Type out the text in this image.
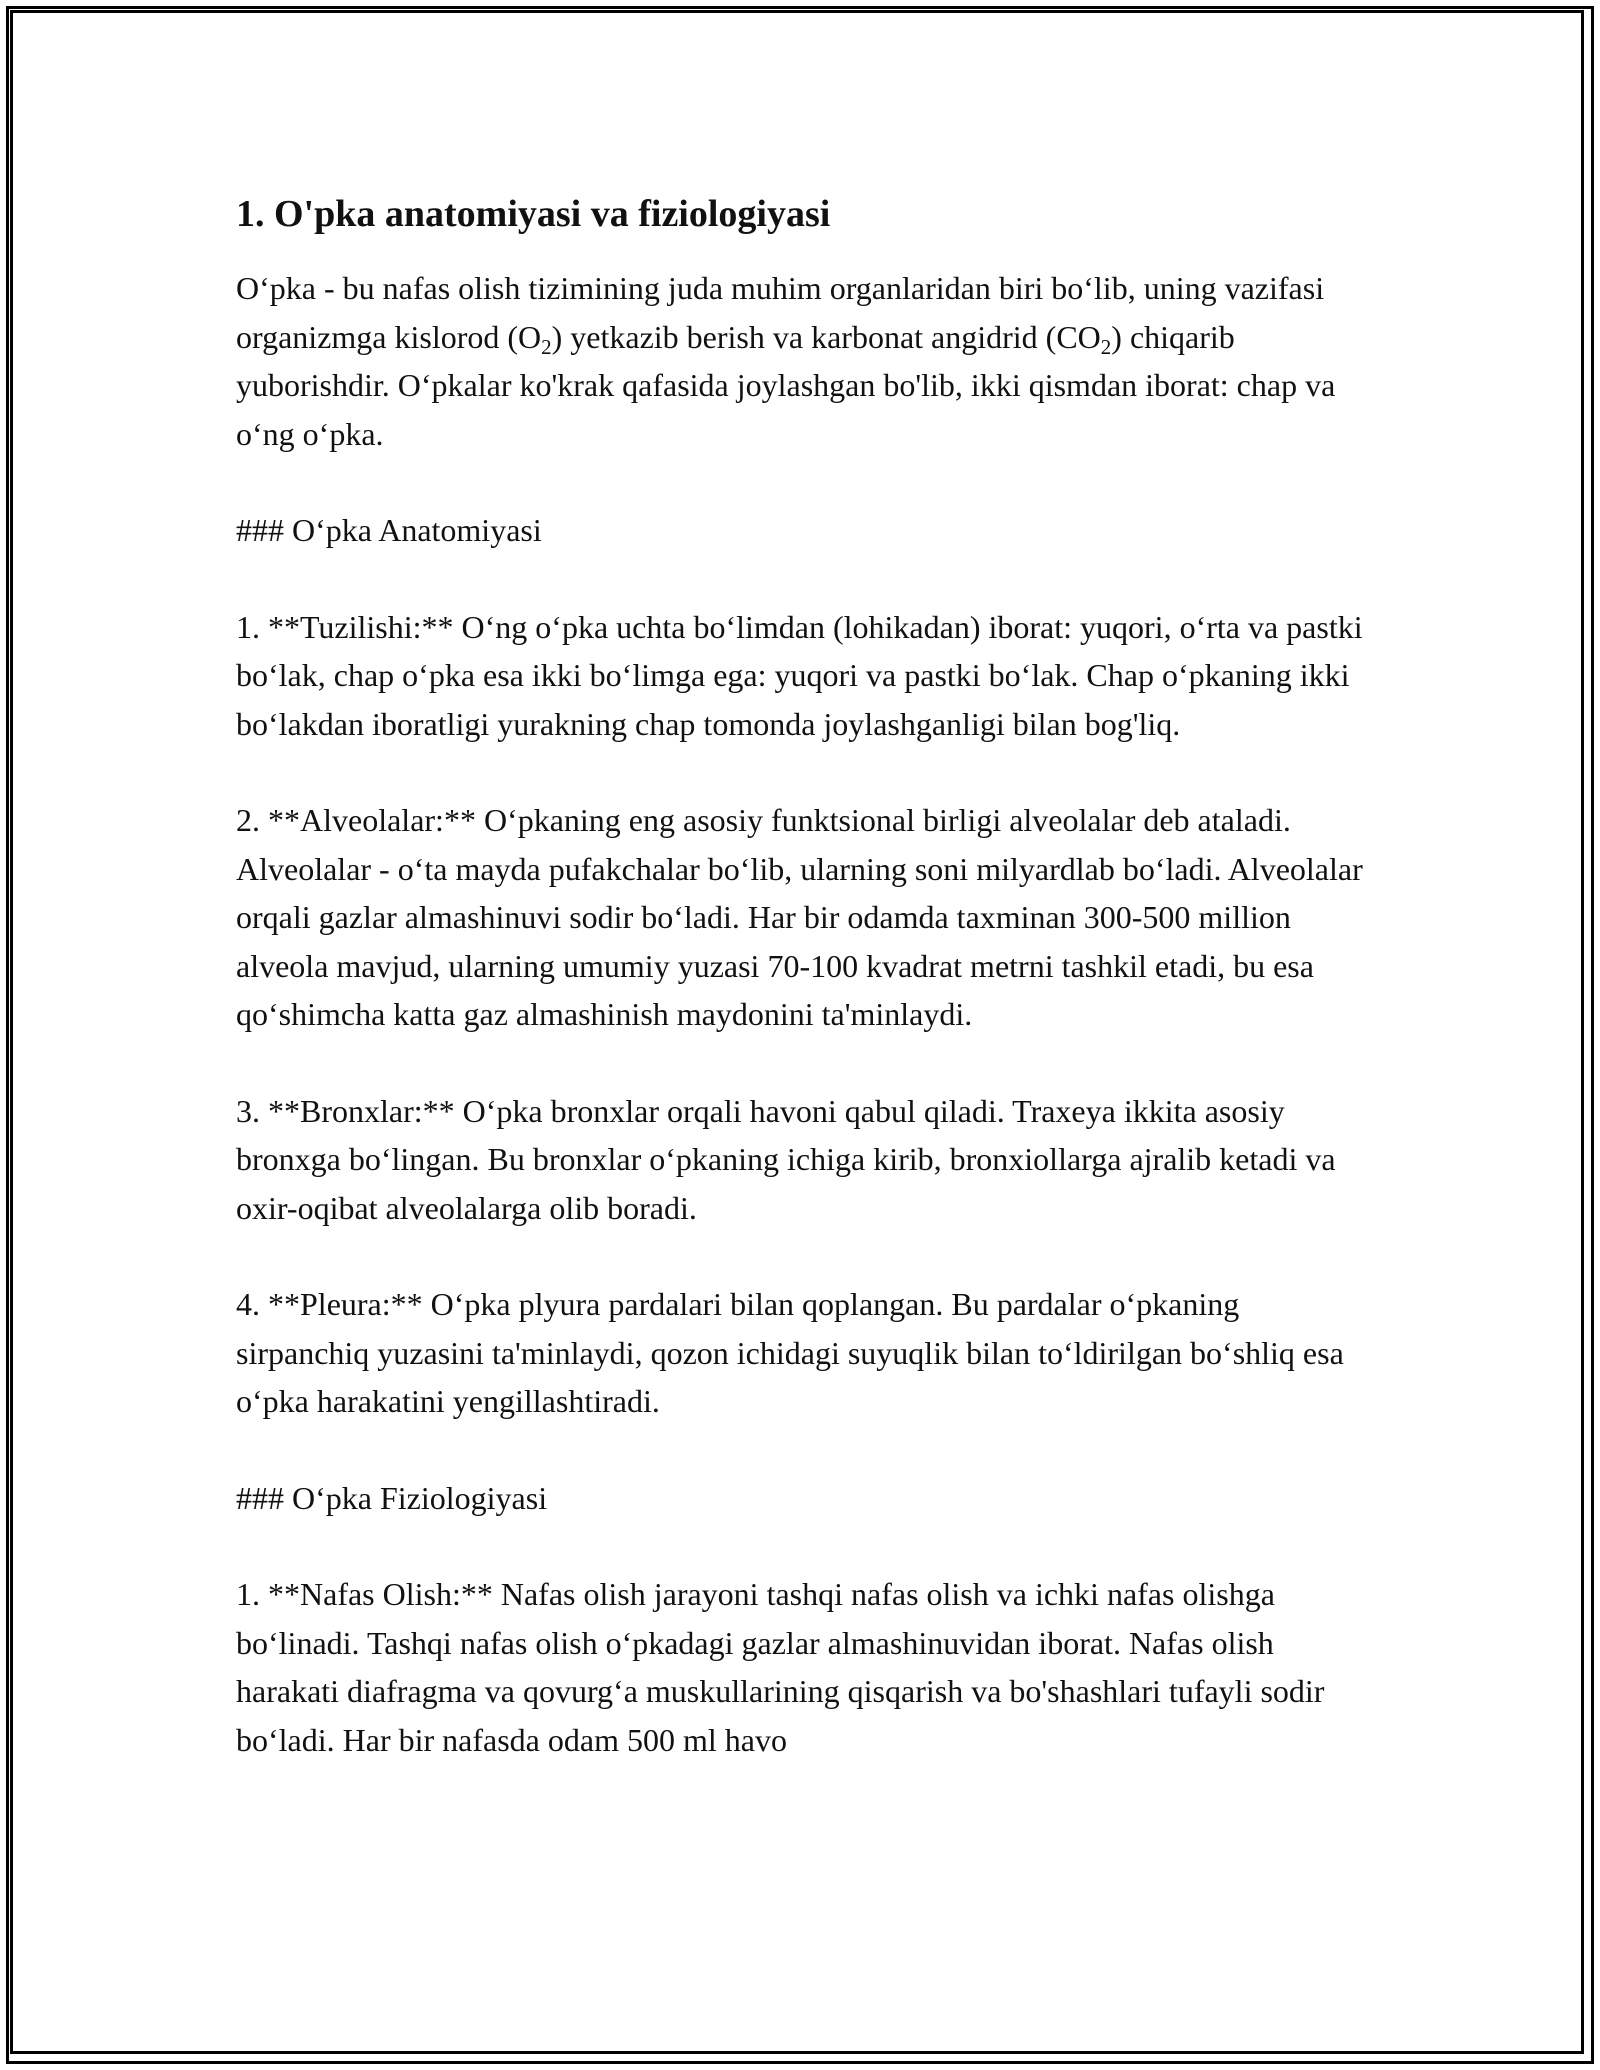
1. O'pka anatomiyasi va fiziologiyasi

O‘pka - bu nafas olish tizimining juda muhim organlaridan biri bo‘lib, uning vazifasi organizmga kislorod $(O_2)$ yetkazib berish va karbonat angidrid $(CO_2)$ chiqarib yuborishdir. O‘pkalar ko'krak qafasida joylashgan bo'lib, ikki qismdan iborat: chap va o‘ng o‘pka.

### O‘pka Anatomiyasi

1. **Tuzilishi:** O‘ng o‘pka uchta bo‘limdan (lohikadan) iborat: yuqori, o‘rta va pastki bo‘lak, chap o‘pka esa ikki bo‘limga ega: yuqori va pastki bo‘lak. Chap o‘pkaning ikki bo‘lakdan iboratligi yurakning chap tomonda joylashganligi bilan bog'liq.

2. **Alveolalar:** O‘pkaning eng asosiy funktsional birligi alveolalar deb ataladi. Alveolalar - o‘ta mayda pufakchalar bo‘lib, ularning soni milyardlab bo‘ladi. Alveolalar orqali gazlar almashinuvi sodir bo‘ladi. Har bir odamda taxminan 300-500 million alveola mavjud, ularning umumiy yuzasi 70-100 kvadrat metrni tashkil etadi, bu esa qo‘shimcha katta gaz almashinish maydonini ta'minlaydi.

3. **Bronxlar:** O‘pka bronxlar orqali havoni qabul qiladi. Traxeya ikkita asosiy bronxga bo‘lingan. Bu bronxlar o‘pkaning ichiga kirib, bronxiollarga ajralib ketadi va oxir-oqibat alveolalarga olib boradi.

4. **Pleura:** O‘pka plyura pardalari bilan qoplangan. Bu pardalar o‘pkaning sirpanchiq yuzasini ta'minlaydi, qozon ichidagi suyuqlik bilan to‘ldirilgan bo‘shliq esa o‘pka harakatini yengillashtiradi.

### O‘pka Fiziologiyasi

1. **Nafas Olish:** Nafas olish jarayoni tashqi nafas olish va ichki nafas olishga bo‘linadi. Tashqi nafas olish o‘pkadagi gazlar almashinuvidan iborat. Nafas olish harakati diafragma va qovurg‘a muskullarining qisqarish va bo'shashlari tufayli sodir bo‘ladi. Har bir nafasda odam 500 ml havo
